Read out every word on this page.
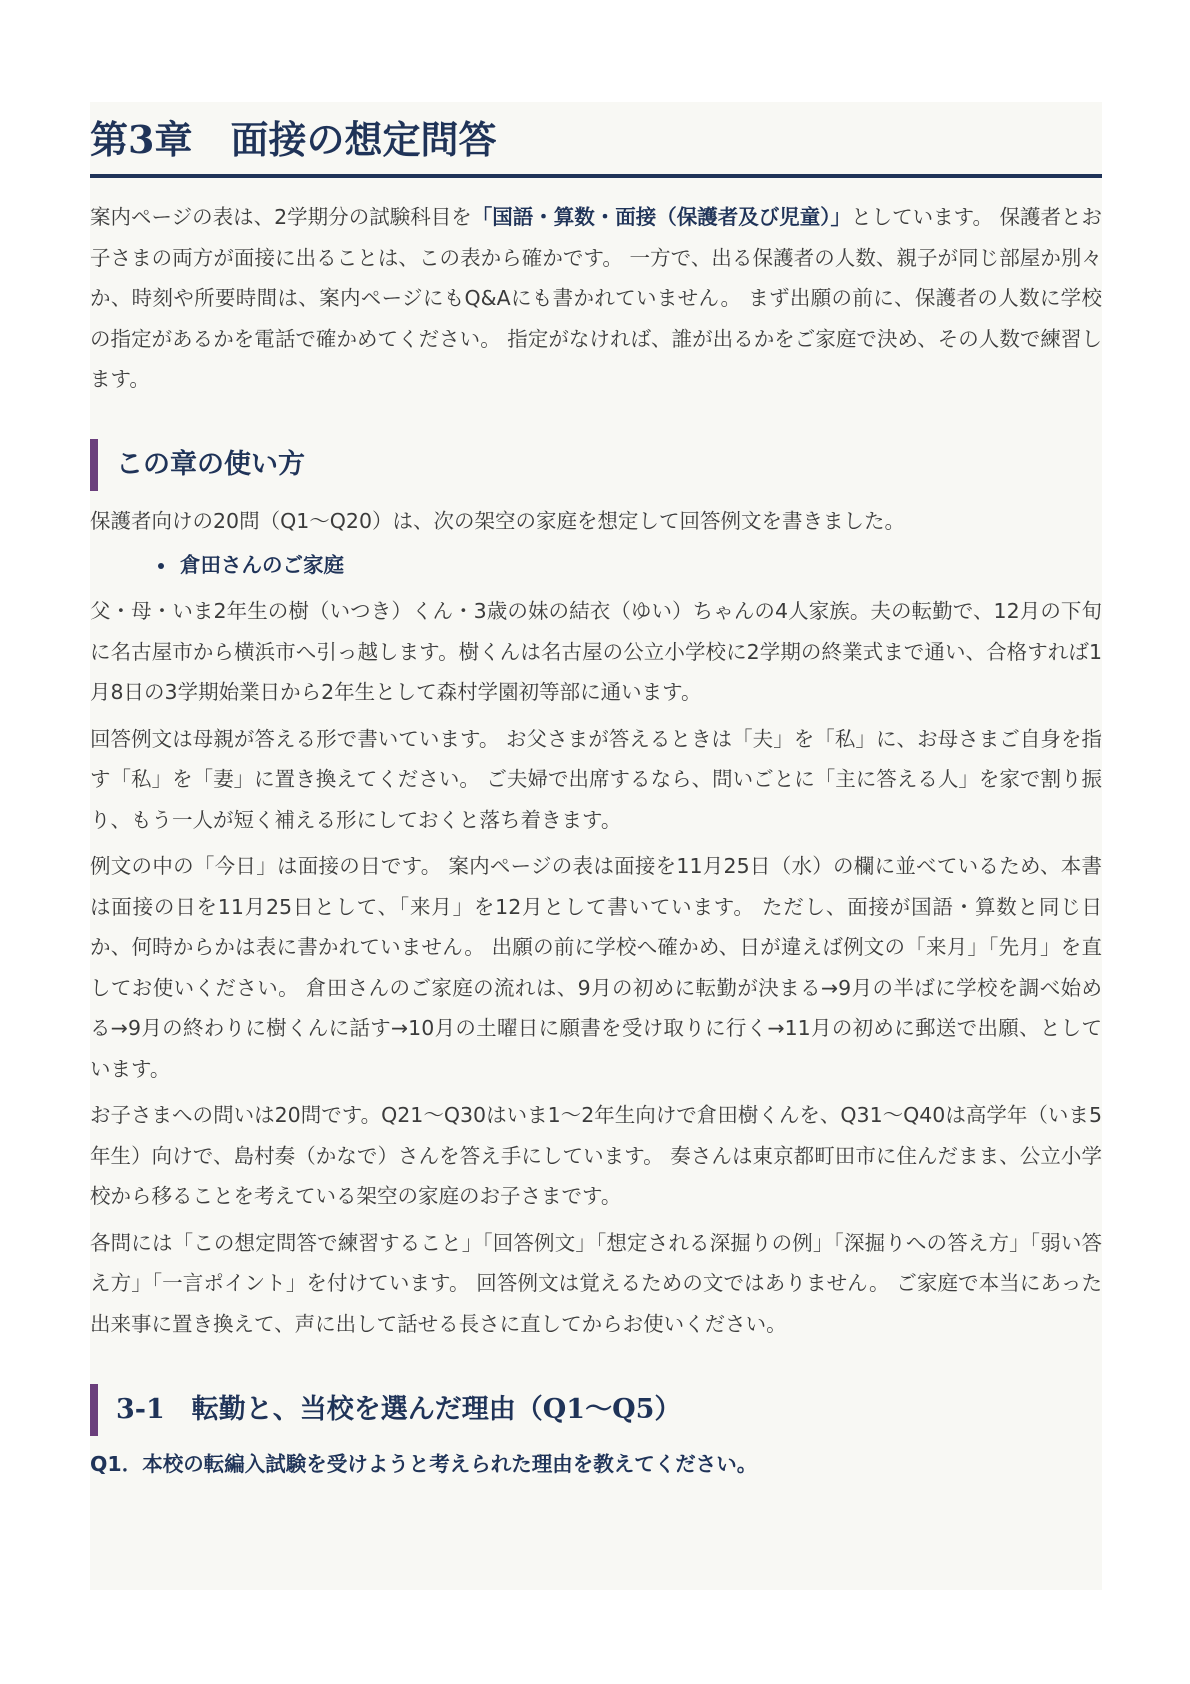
第3章　面接の想定問答

案内ページの表は、2学期分の試験科目を「国語・算数・面接（保護者及び児童）」としています。 保護者とお子さまの両方が面接に出ることは、この表から確かです。 一方で、出る保護者の人数、親子が同じ部屋か別々か、時刻や所要時間は、案内ページにもQ&Aにも書かれていません。 まず出願の前に、保護者の人数に学校の指定があるかを電話で確かめてください。 指定がなければ、誰が出るかをご家庭で決め、その人数で練習します。

この章の使い方

保護者向けの20問（Q1〜Q20）は、次の架空の家庭を想定して回答例文を書きました。

倉田さんのご家庭

父・母・いま2年生の樹（いつき）くん・3歳の妹の結衣（ゆい）ちゃんの4人家族。夫の転勤で、12月の下旬に名古屋市から横浜市へ引っ越します。樹くんは名古屋の公立小学校に2学期の終業式まで通い、合格すれば1月8日の3学期始業日から2年生として森村学園初等部に通います。

回答例文は母親が答える形で書いています。 お父さまが答えるときは「夫」を「私」に、お母さまご自身を指す「私」を「妻」に置き換えてください。 ご夫婦で出席するなら、問いごとに「主に答える人」を家で割り振り、もう一人が短く補える形にしておくと落ち着きます。

例文の中の「今日」は面接の日です。 案内ページの表は面接を11月25日（水）の欄に並べているため、本書は面接の日を11月25日として、「来月」を12月として書いています。 ただし、面接が国語・算数と同じ日か、何時からかは表に書かれていません。 出願の前に学校へ確かめ、日が違えば例文の「来月」「先月」を直してお使いください。 倉田さんのご家庭の流れは、9月の初めに転勤が決まる→9月の半ばに学校を調べ始める→9月の終わりに樹くんに話す→10月の土曜日に願書を受け取りに行く→11月の初めに郵送で出願、としています。

お子さまへの問いは20問です。Q21〜Q30はいま1〜2年生向けで倉田樹くんを、Q31〜Q40は高学年（いま5年生）向けで、島村奏（かなで）さんを答え手にしています。 奏さんは東京都町田市に住んだまま、公立小学校から移ることを考えている架空の家庭のお子さまです。

各問には「この想定問答で練習すること」「回答例文」「想定される深掘りの例」「深掘りへの答え方」「弱い答え方」「一言ポイント」を付けています。 回答例文は覚えるための文ではありません。 ご家庭で本当にあった出来事に置き換えて、声に出して話せる長さに直してからお使いください。

3-1　転勤と、当校を選んだ理由（Q1〜Q5）

Q1．本校の転編入試験を受けようと考えられた理由を教えてください。
